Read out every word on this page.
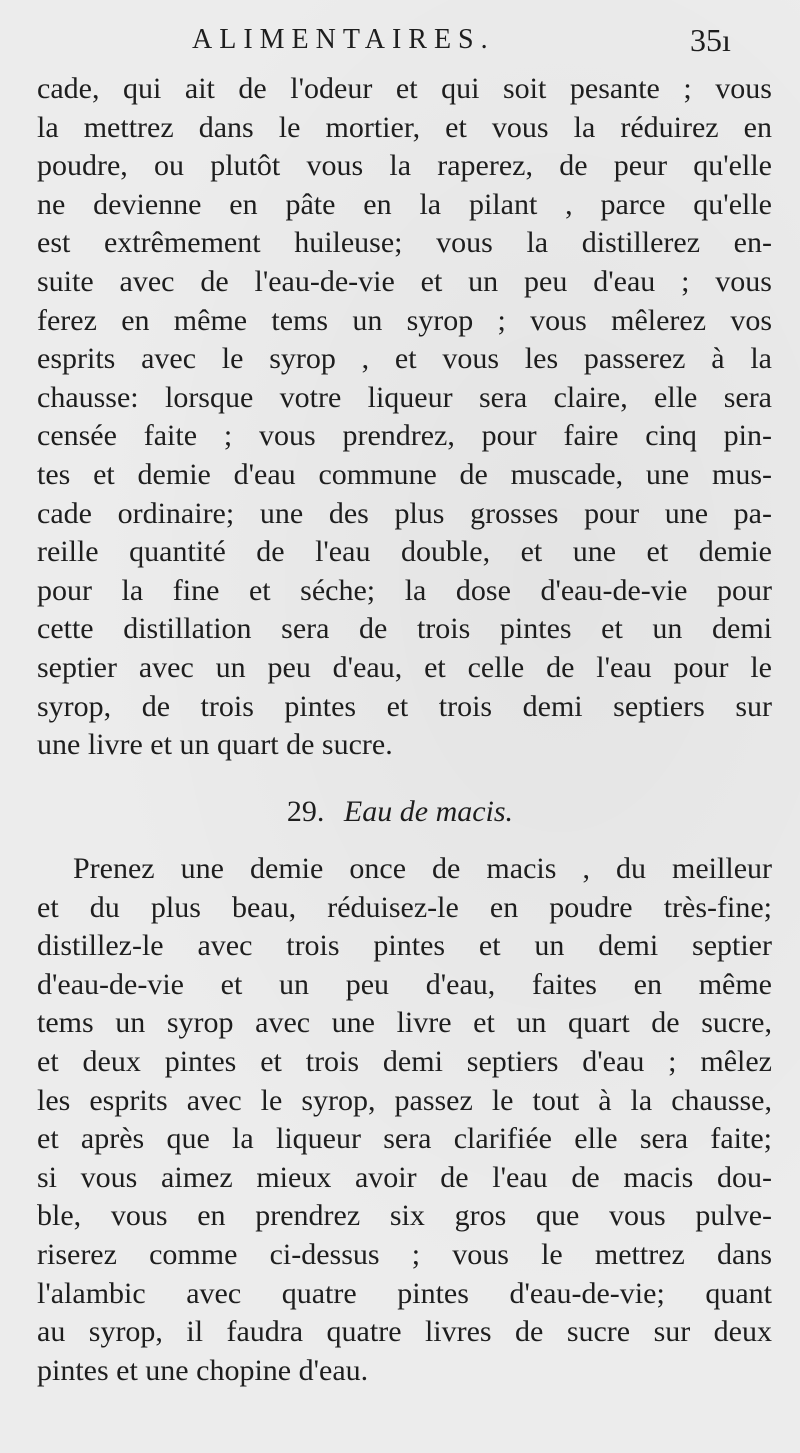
ALIMENTAIRES.	35ı
cade, qui ait de l'odeur et qui soit pesante ; vous
la mettrez dans le mortier, et vous la réduirez en
poudre, ou plutôt vous la raperez, de peur qu'elle
ne devienne en pâte en la pilant , parce qu'elle
est extrêmement huileuse; vous la distillerez en-
suite avec de l'eau-de-vie et un peu d'eau ; vous
ferez en même tems un syrop ; vous mêlerez vos
esprits avec le syrop , et vous les passerez à la
chausse: lorsque votre liqueur sera claire, elle sera
censée faite ; vous prendrez, pour faire cinq pin-
tes et demie d'eau commune de muscade, une mus-
cade ordinaire; une des plus grosses pour une pa-
reille quantité de l'eau double, et une et demie
pour la fine et séche; la dose d'eau-de-vie pour
cette distillation sera de trois pintes et un demi
septier avec un peu d'eau, et celle de l'eau pour le
syrop, de trois pintes et trois demi septiers sur
une livre et un quart de sucre.
29. Eau de macis.
Prenez une demie once de macis , du meilleur
et du plus beau, réduisez-le en poudre très-fine;
distillez-le avec trois pintes et un demi septier
d'eau-de-vie et un peu d'eau, faites en même
tems un syrop avec une livre et un quart de sucre,
et deux pintes et trois demi septiers d'eau ; mêlez
les esprits avec le syrop, passez le tout à la chausse,
et après que la liqueur sera clarifiée elle sera faite;
si vous aimez mieux avoir de l'eau de macis dou-
ble, vous en prendrez six gros que vous pulve-
riserez comme ci-dessus ; vous le mettrez dans
l'alambic avec quatre pintes d'eau-de-vie; quant
au syrop, il faudra quatre livres de sucre sur deux
pintes et une chopine d'eau.
